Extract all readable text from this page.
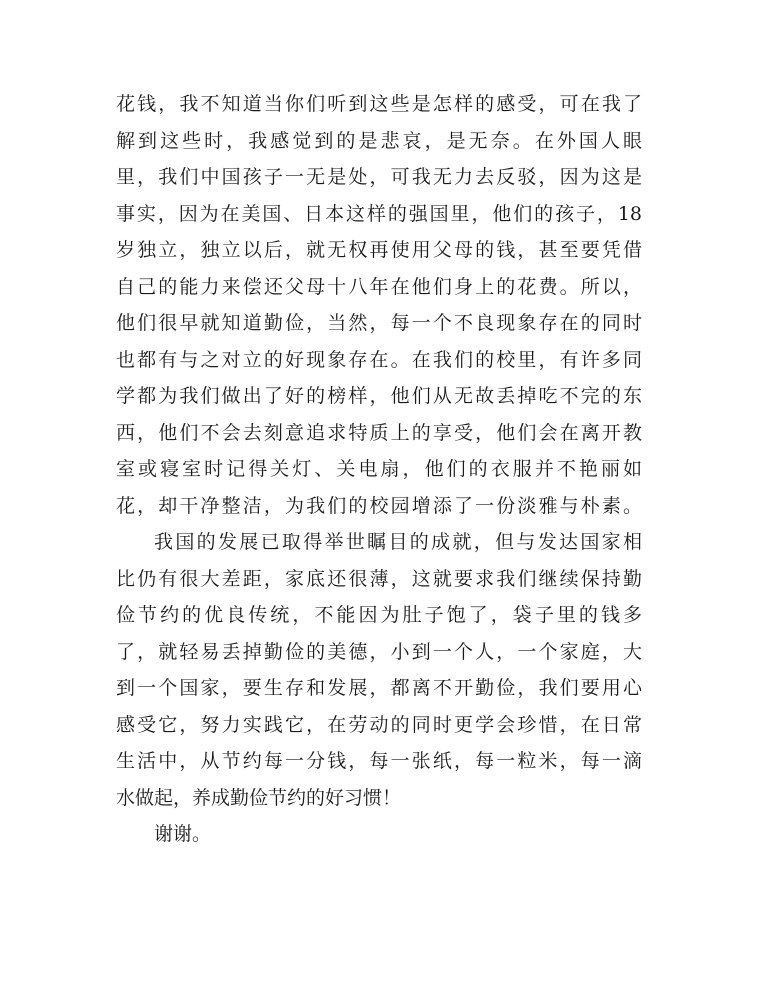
花钱，我不知道当你们听到这些是怎样的感受，可在我了
解到这些时，我感觉到的是悲哀，是无奈。在外国人眼
里，我们中国孩子一无是处，可我无力去反驳，因为这是
事实，因为在美国、日本这样的强国里，他们的孩子，18
岁独立，独立以后，就无权再使用父母的钱，甚至要凭借
自己的能力来偿还父母十八年在他们身上的花费。所以，
他们很早就知道勤俭，当然，每一个不良现象存在的同时
也都有与之对立的好现象存在。在我们的校里，有许多同
学都为我们做出了好的榜样，他们从无故丢掉吃不完的东
西，他们不会去刻意追求特质上的享受，他们会在离开教
室或寝室时记得关灯、关电扇，他们的衣服并不艳丽如
花，却干净整洁，为我们的校园增添了一份淡雅与朴素。
我国的发展已取得举世瞩目的成就，但与发达国家相
比仍有很大差距，家底还很薄，这就要求我们继续保持勤
俭节约的优良传统，不能因为肚子饱了，袋子里的钱多
了，就轻易丢掉勤俭的美德，小到一个人，一个家庭，大
到一个国家，要生存和发展，都离不开勤俭，我们要用心
感受它，努力实践它，在劳动的同时更学会珍惜，在日常
生活中，从节约每一分钱，每一张纸，每一粒米，每一滴
水做起，养成勤俭节约的好习惯！
谢谢。
